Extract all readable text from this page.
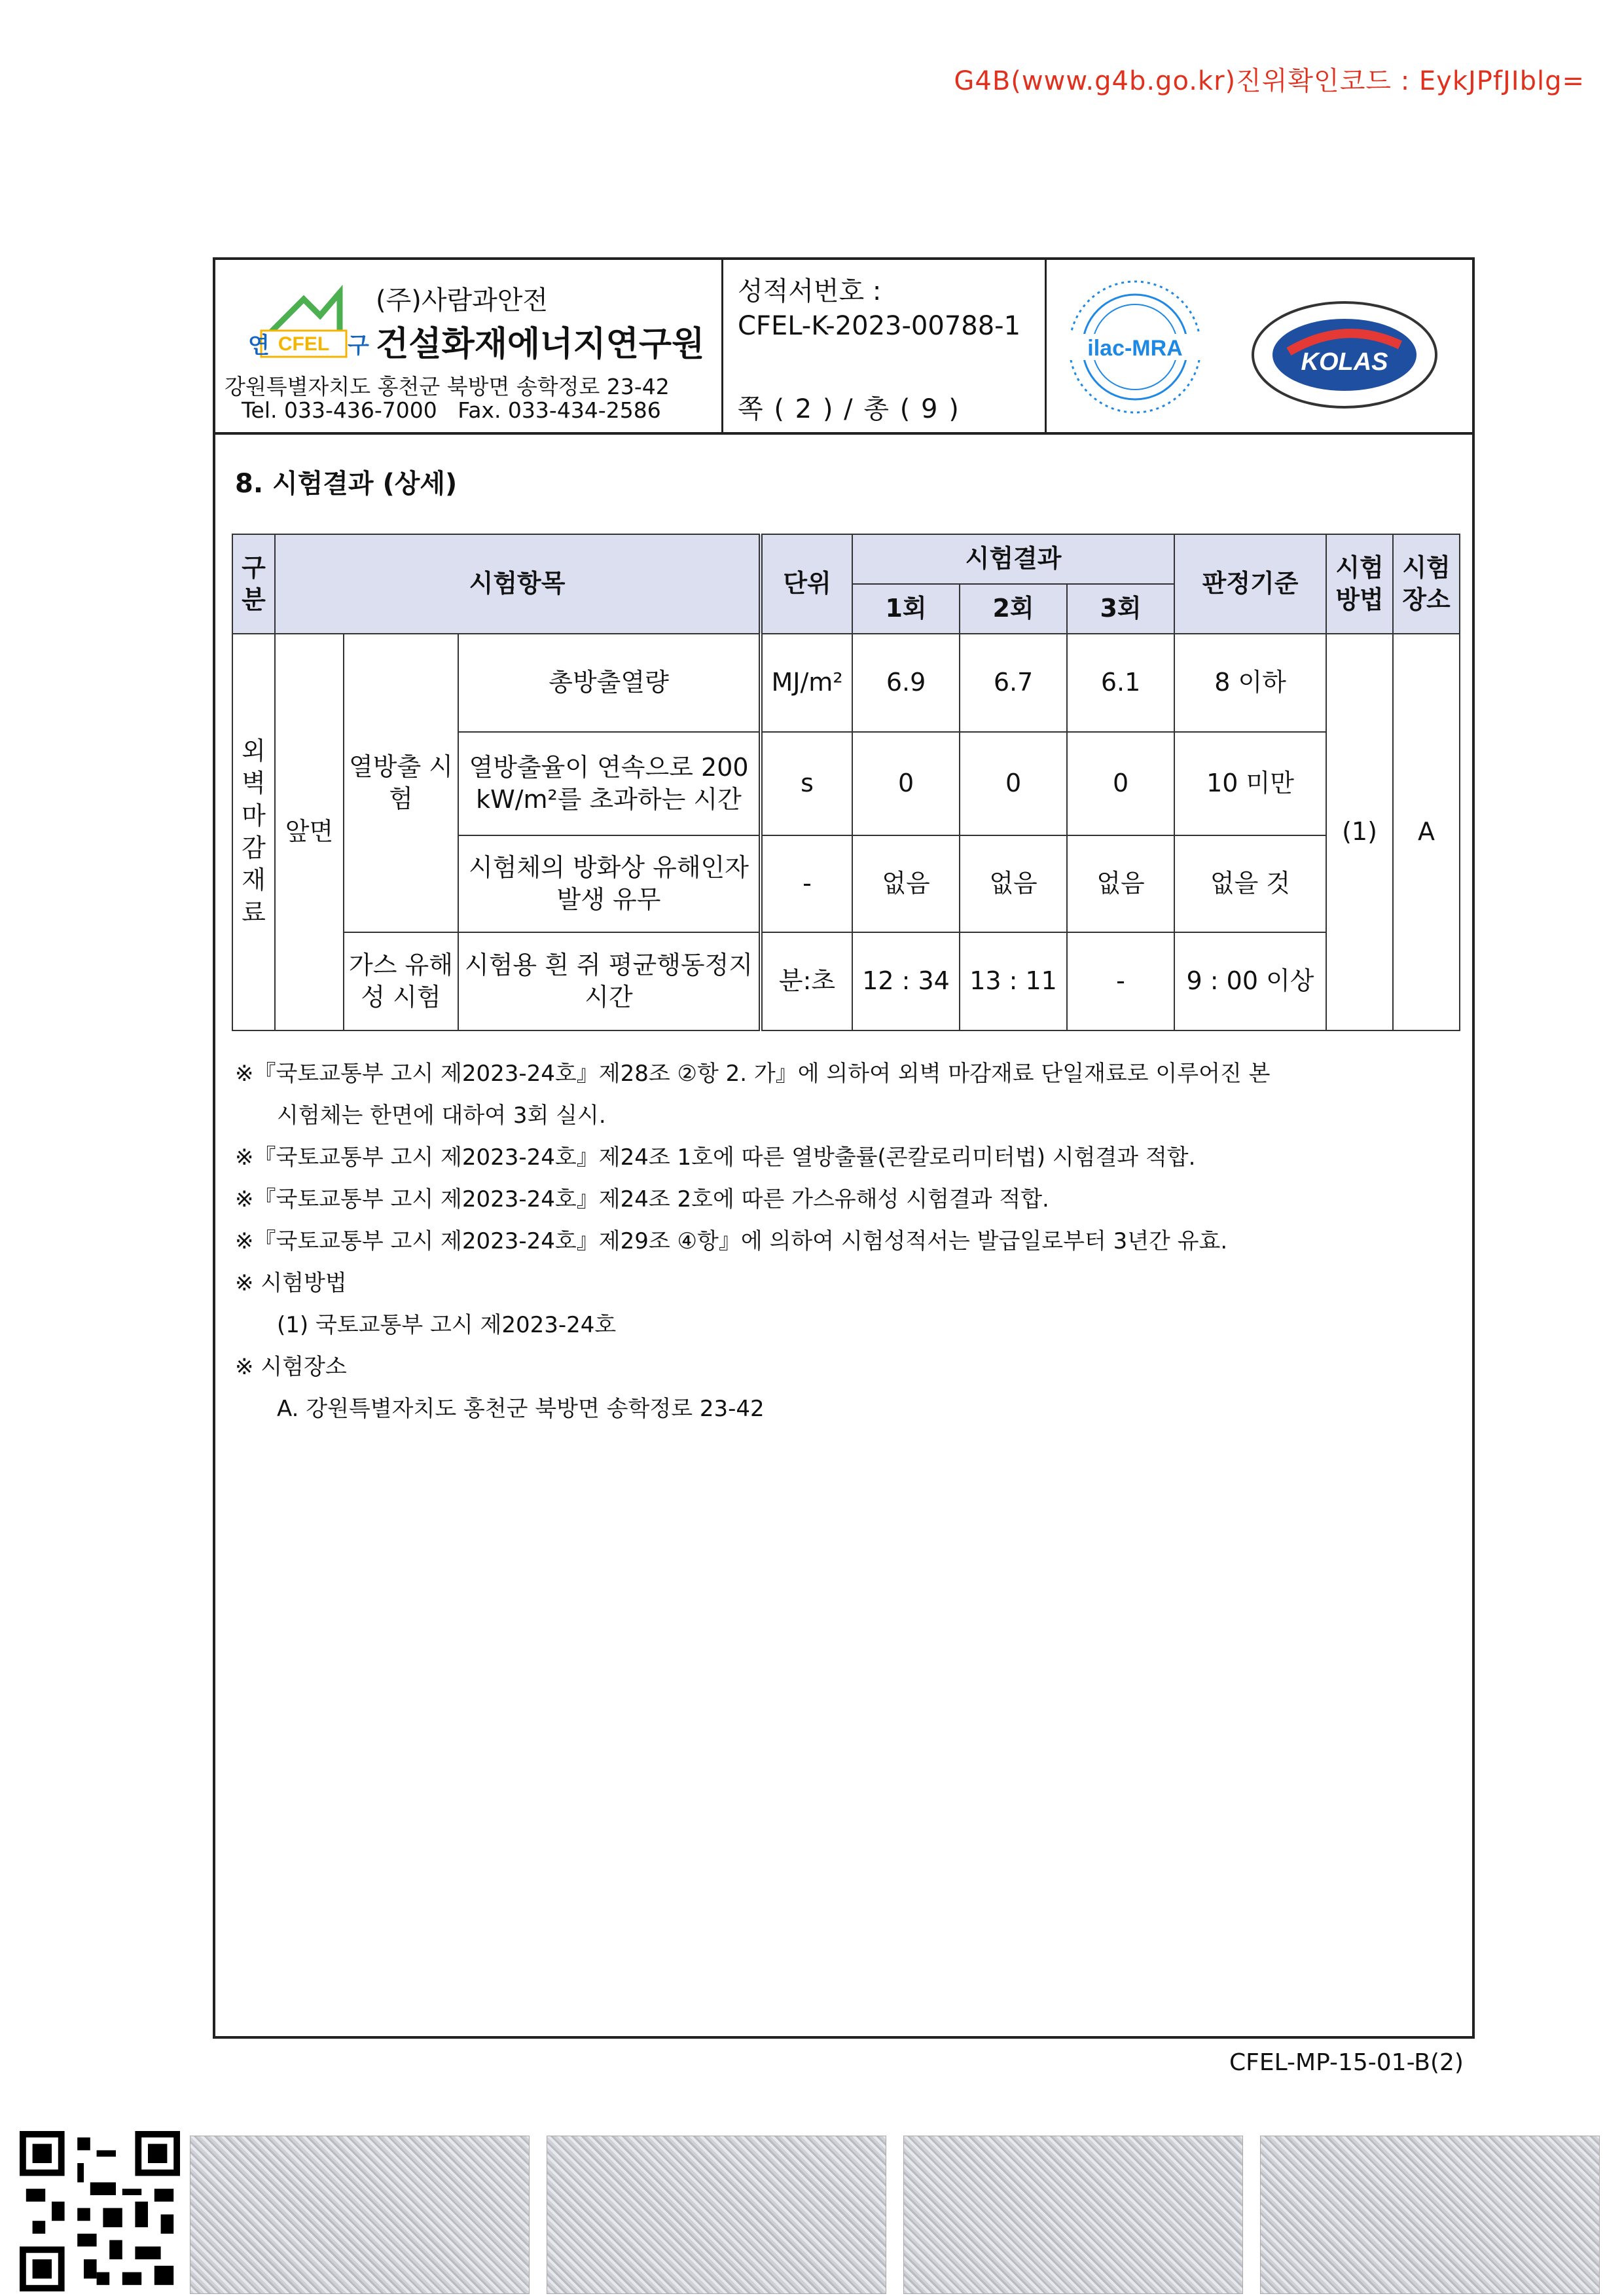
G4B(www.g4b.go.kr)진위확인코드 : EykJPfJIblg=
CFEL
연	구
(주)사람과안전
건설화재에너지연구원
강원특별자치도 홍천군 북방면 송학정로 23-42
Tel. 033-436-7000   Fax. 033-434-2586
성적서번호 :
CFEL-K-2023-00788-1
쪽 ( 2 ) / 총 ( 9 )
ilac-MRA	KOLAS
8. 시험결과 (상세)
구분	시험항목			단위	시험결과			판정기준	시험방법	시험장소
					1회	2회	3회			
외벽마감재료	앞면	열방출 시험	총방출열량	MJ/m²	6.9	6.7	6.1	8 이하	(1)	A
			열방출율이 연속으로 200 kW/m²를 초과하는 시간	s	0	0	0	10 미만		
			시험체의 방화상 유해인자 발생 유무	-	없음	없음	없음	없을 것		
		가스 유해성 시험	시험용 흰 쥐 평균행동정지시간	분:초	12 : 34	13 : 11	-	9 : 00 이상		
※『국토교통부 고시 제2023-24호』제28조 ②항 2. 가』에 의하여 외벽 마감재료 단일재료로 이루어진 본
시험체는 한면에 대하여 3회 실시.
※『국토교통부 고시 제2023-24호』제24조 1호에 따른 열방출률(콘칼로리미터법) 시험결과 적합.
※『국토교통부 고시 제2023-24호』제24조 2호에 따른 가스유해성 시험결과 적합.
※『국토교통부 고시 제2023-24호』제29조 ④항』에 의하여 시험성적서는 발급일로부터 3년간 유효.
※ 시험방법
(1) 국토교통부 고시 제2023-24호
※ 시험장소
A. 강원특별자치도 홍천군 북방면 송학정로 23-42
CFEL-MP-15-01-B(2)
